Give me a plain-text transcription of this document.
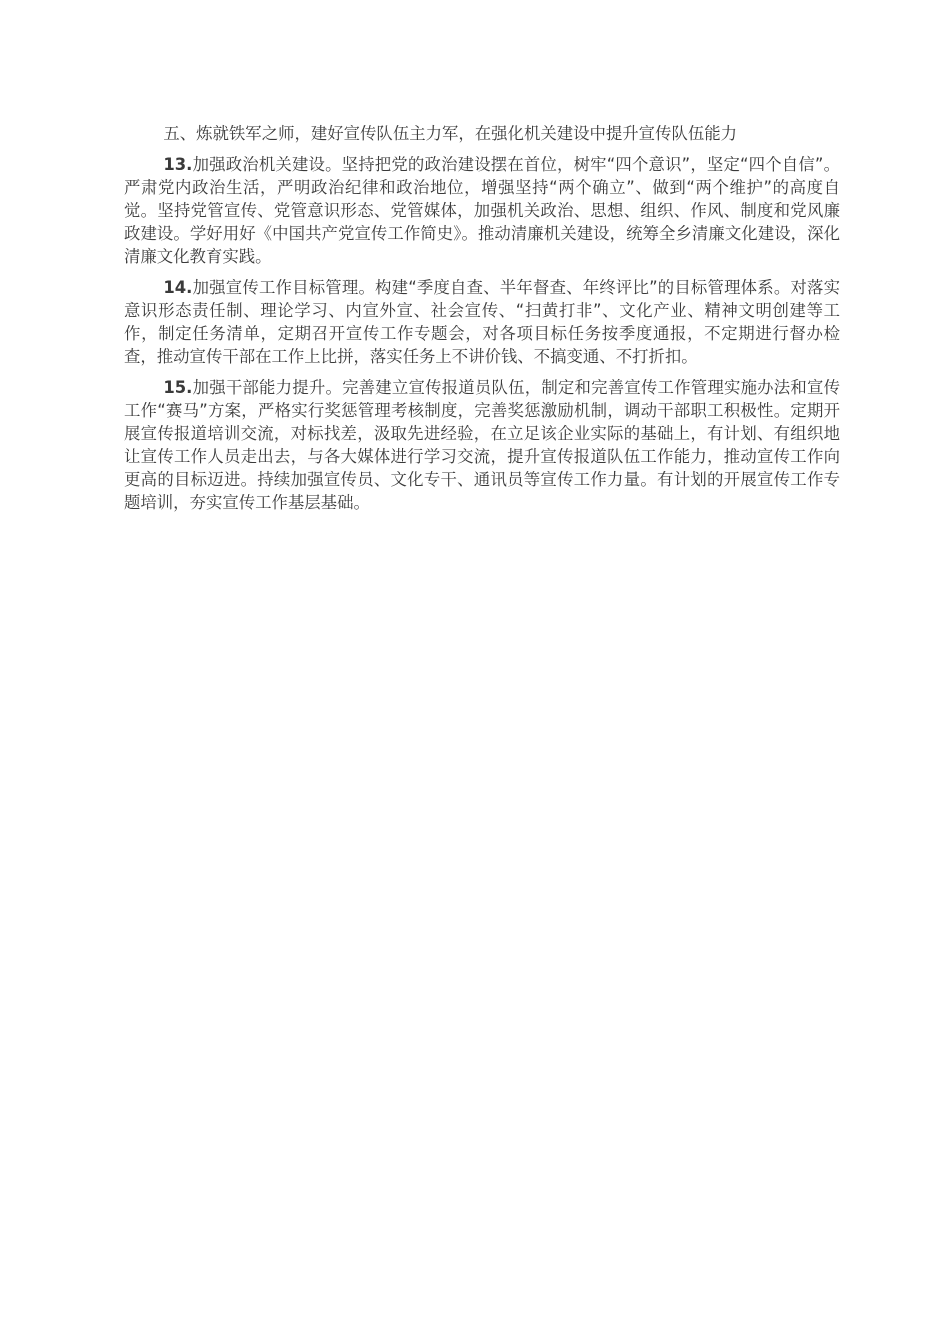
五、炼就铁军之师，建好宣传队伍主力军，在强化机关建设中提升宣传队伍能力

13.加强政治机关建设。坚持把党的政治建设摆在首位，树牢“四个意识”，坚定“四个自信”。严肃党内政治生活，严明政治纪律和政治地位，增强坚持“两个确立”、做到“两个维护”的高度自觉。坚持党管宣传、党管意识形态、党管媒体，加强机关政治、思想、组织、作风、制度和党风廉政建设。学好用好《中国共产党宣传工作简史》。推动清廉机关建设，统筹全乡清廉文化建设，深化清廉文化教育实践。

14.加强宣传工作目标管理。构建“季度自查、半年督查、年终评比”的目标管理体系。对落实意识形态责任制、理论学习、内宣外宣、社会宣传、“扫黄打非”、文化产业、精神文明创建等工作，制定任务清单，定期召开宣传工作专题会，对各项目标任务按季度通报，不定期进行督办检查，推动宣传干部在工作上比拼，落实任务上不讲价钱、不搞变通、不打折扣。

15.加强干部能力提升。完善建立宣传报道员队伍，制定和完善宣传工作管理实施办法和宣传工作“赛马”方案，严格实行奖惩管理考核制度，完善奖惩激励机制，调动干部职工积极性。定期开展宣传报道培训交流，对标找差，汲取先进经验，在立足该企业实际的基础上，有计划、有组织地让宣传工作人员走出去，与各大媒体进行学习交流，提升宣传报道队伍工作能力，推动宣传工作向更高的目标迈进。持续加强宣传员、文化专干、通讯员等宣传工作力量。有计划的开展宣传工作专题培训，夯实宣传工作基层基础。
